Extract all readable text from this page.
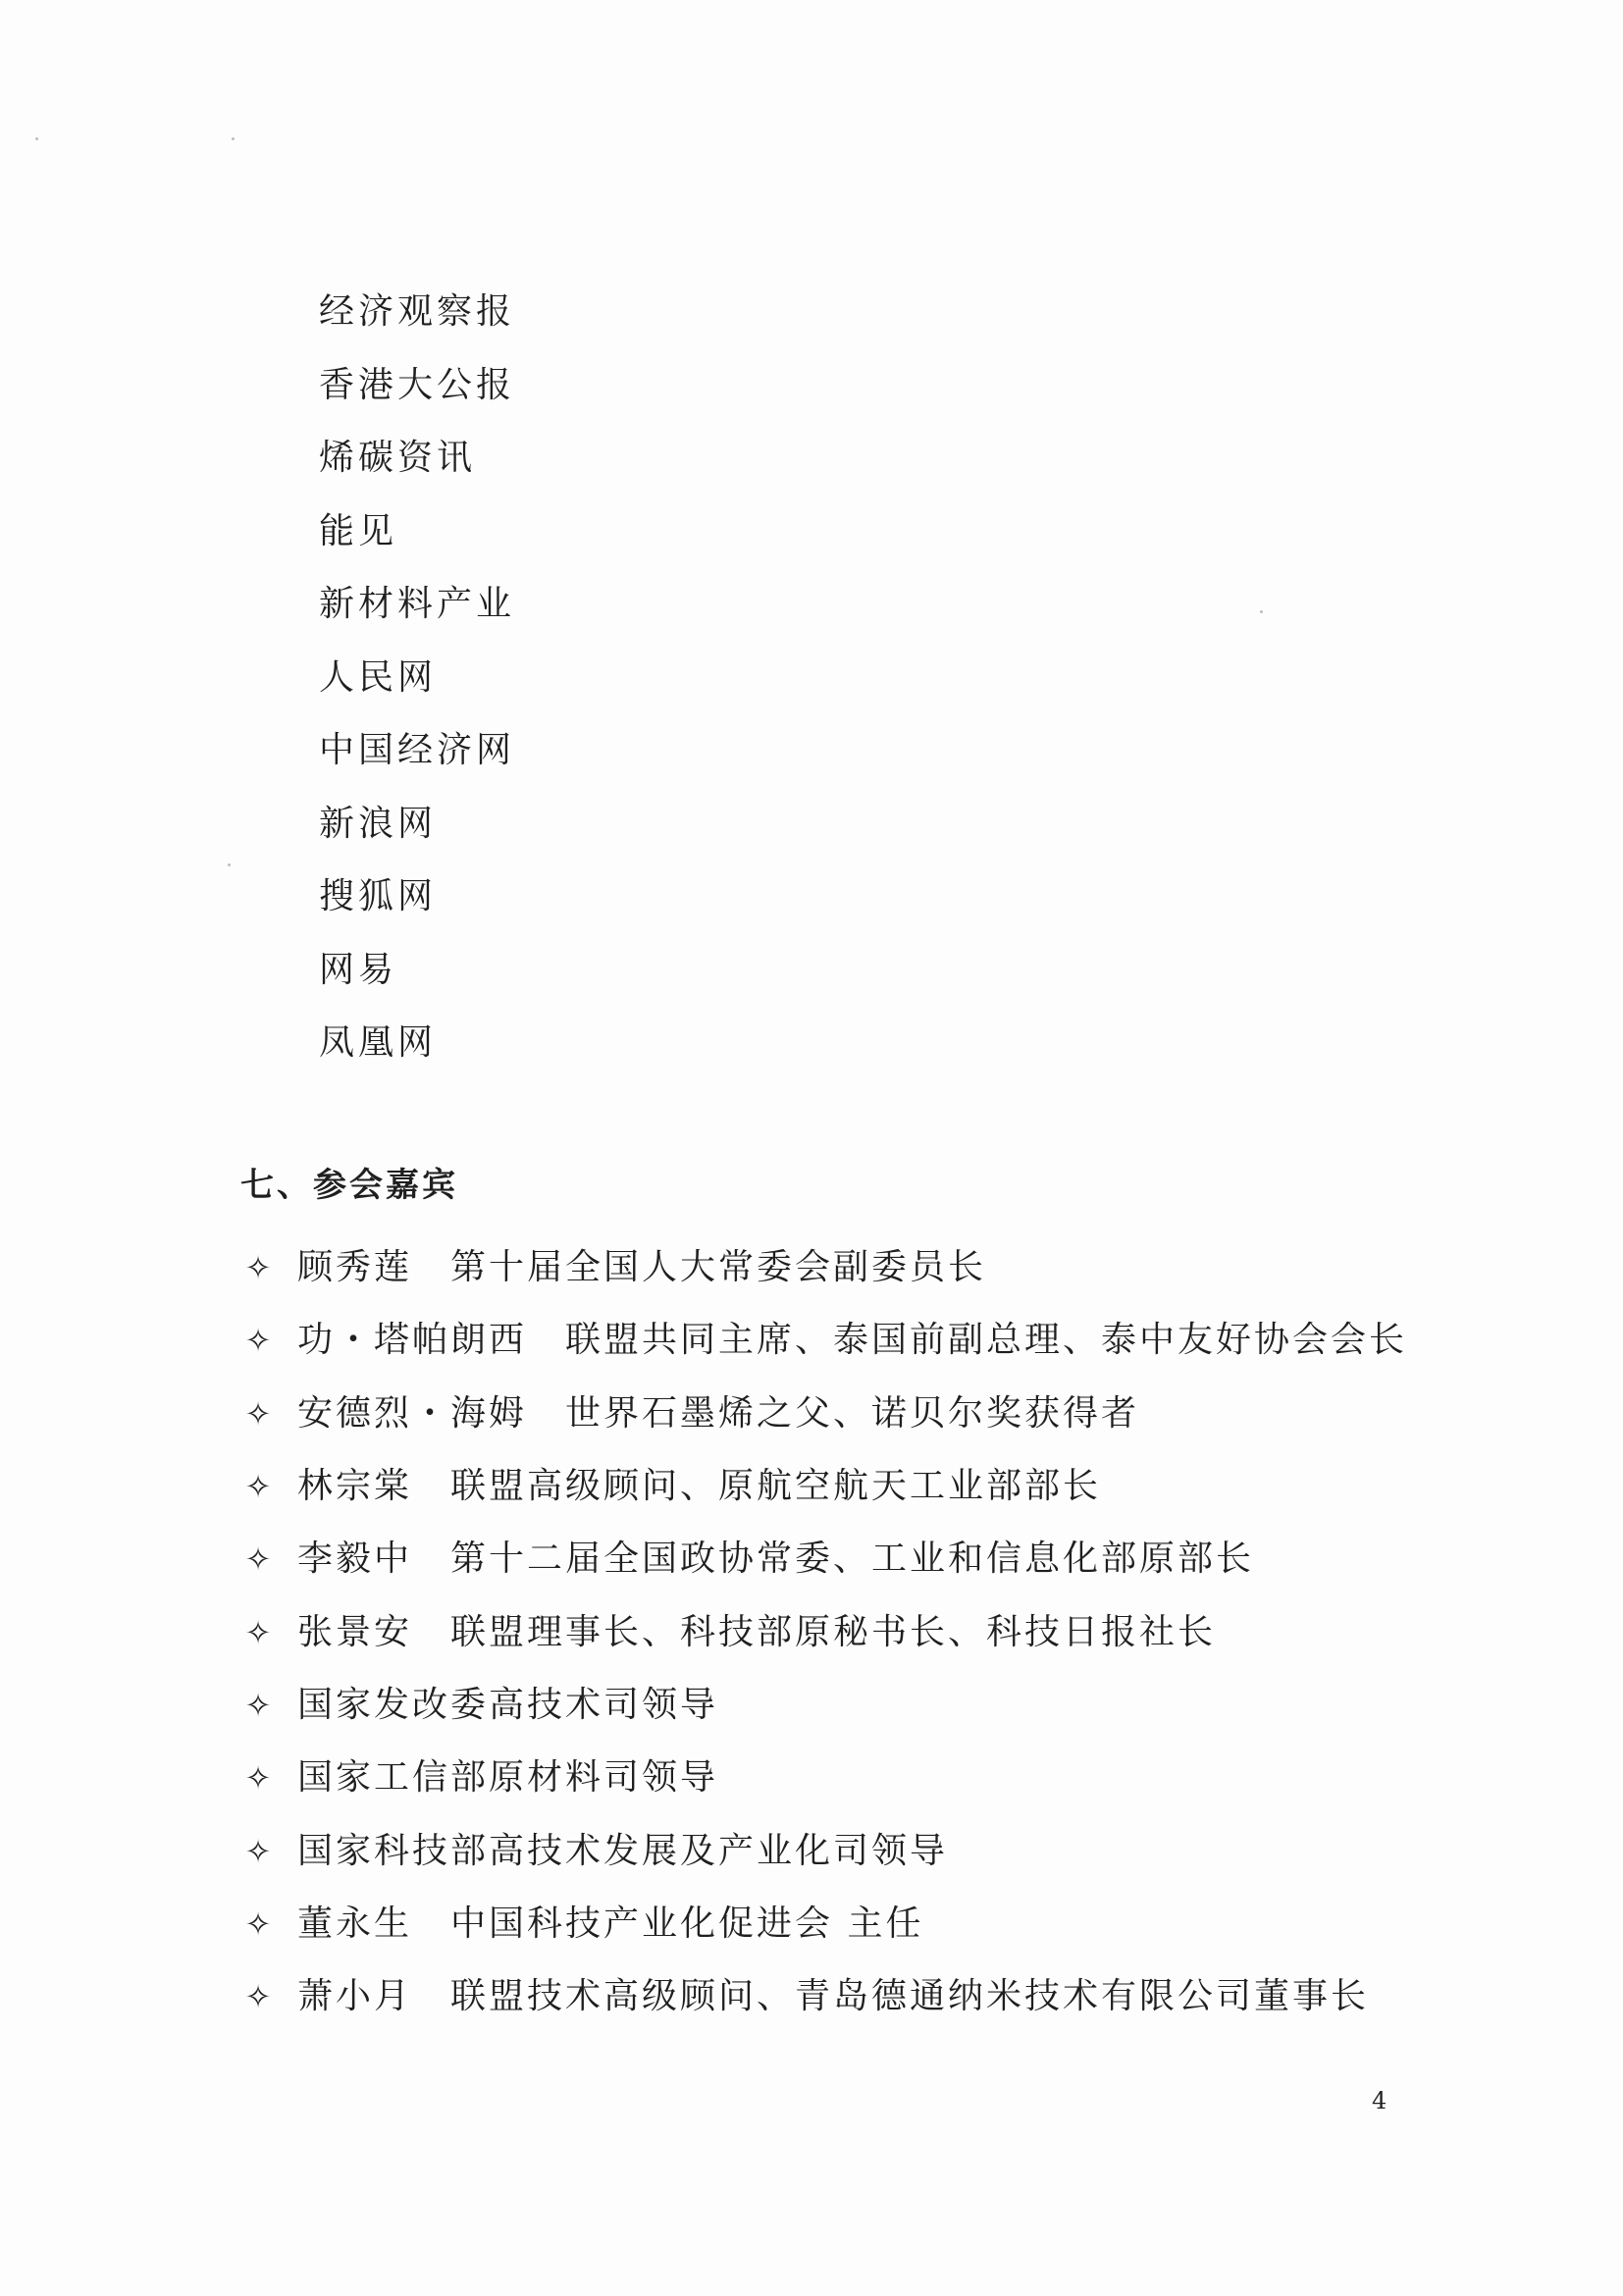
经济观察报
香港大公报
烯碳资讯
能见
新材料产业
人民网
中国经济网
新浪网
搜狐网
网易
凤凰网
七、参会嘉宾
✧ 顾秀莲　第十届全国人大常委会副委员长
✧ 功・塔帕朗西　联盟共同主席、泰国前副总理、泰中友好协会会长
✧ 安德烈・海姆　世界石墨烯之父、诺贝尔奖获得者
✧ 林宗棠　联盟高级顾问、原航空航天工业部部长
✧ 李毅中　第十二届全国政协常委、工业和信息化部原部长
✧ 张景安　联盟理事长、科技部原秘书长、科技日报社长
✧ 国家发改委高技术司领导
✧ 国家工信部原材料司领导
✧ 国家科技部高技术发展及产业化司领导
✧ 董永生　中国科技产业化促进会 主任
✧ 萧小月　联盟技术高级顾问、青岛德通纳米技术有限公司董事长
4
